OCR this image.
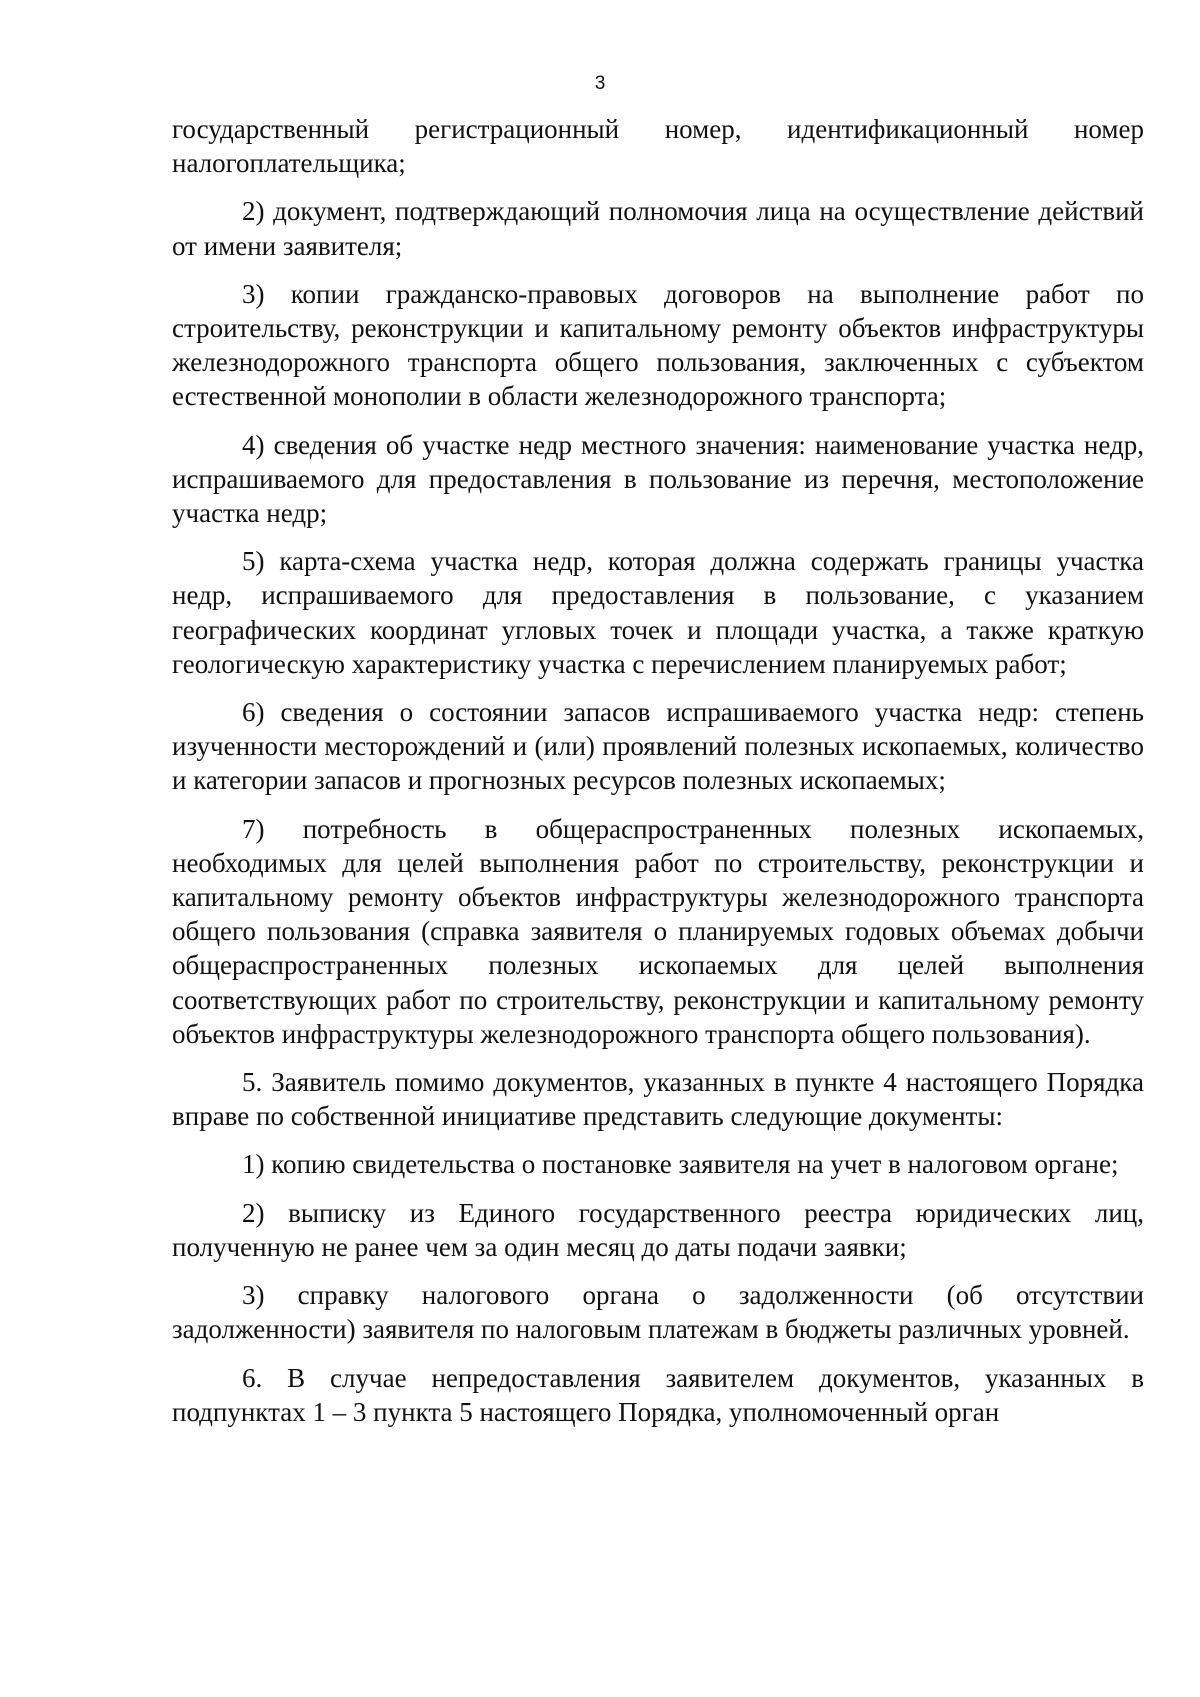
3

государственный регистрационный номер, идентификационный номер налогоплательщика;

2) документ, подтверждающий полномочия лица на осуществление действий от имени заявителя;

3) копии гражданско-правовых договоров на выполнение работ по строительству, реконструкции и капитальному ремонту объектов инфраструктуры железнодорожного транспорта общего пользования, заключенных с субъектом естественной монополии в области железнодорожного транспорта;

4) сведения об участке недр местного значения: наименование участка недр, испрашиваемого для предоставления в пользование из перечня, местоположение участка недр;

5) карта-схема участка недр, которая должна содержать границы участка недр, испрашиваемого для предоставления в пользование, с указанием географических координат угловых точек и площади участка, а также краткую геологическую характеристику участка с перечислением планируемых работ;

6) сведения о состоянии запасов испрашиваемого участка недр: степень изученности месторождений и (или) проявлений полезных ископаемых, количество и категории запасов и прогнозных ресурсов полезных ископаемых;

7) потребность в общераспространенных полезных ископаемых, необходимых для целей выполнения работ по строительству, реконструкции и капитальному ремонту объектов инфраструктуры железнодорожного транспорта общего пользования (справка заявителя о планируемых годовых объемах добычи общераспространенных полезных ископаемых для целей выполнения соответствующих работ по строительству, реконструкции и капитальному ремонту объектов инфраструктуры железнодорожного транспорта общего пользования).

5. Заявитель помимо документов, указанных в пункте 4 настоящего Порядка вправе по собственной инициативе представить следующие документы:

1) копию свидетельства о постановке заявителя на учет в налоговом органе;

2) выписку из Единого государственного реестра юридических лиц, полученную не ранее чем за один месяц до даты подачи заявки;

3) справку налогового органа о задолженности (об отсутствии задолженности) заявителя по налоговым платежам в бюджеты различных уровней.

6. В случае непредоставления заявителем документов, указанных в подпунктах 1 – 3 пункта 5 настоящего Порядка, уполномоченный орган
